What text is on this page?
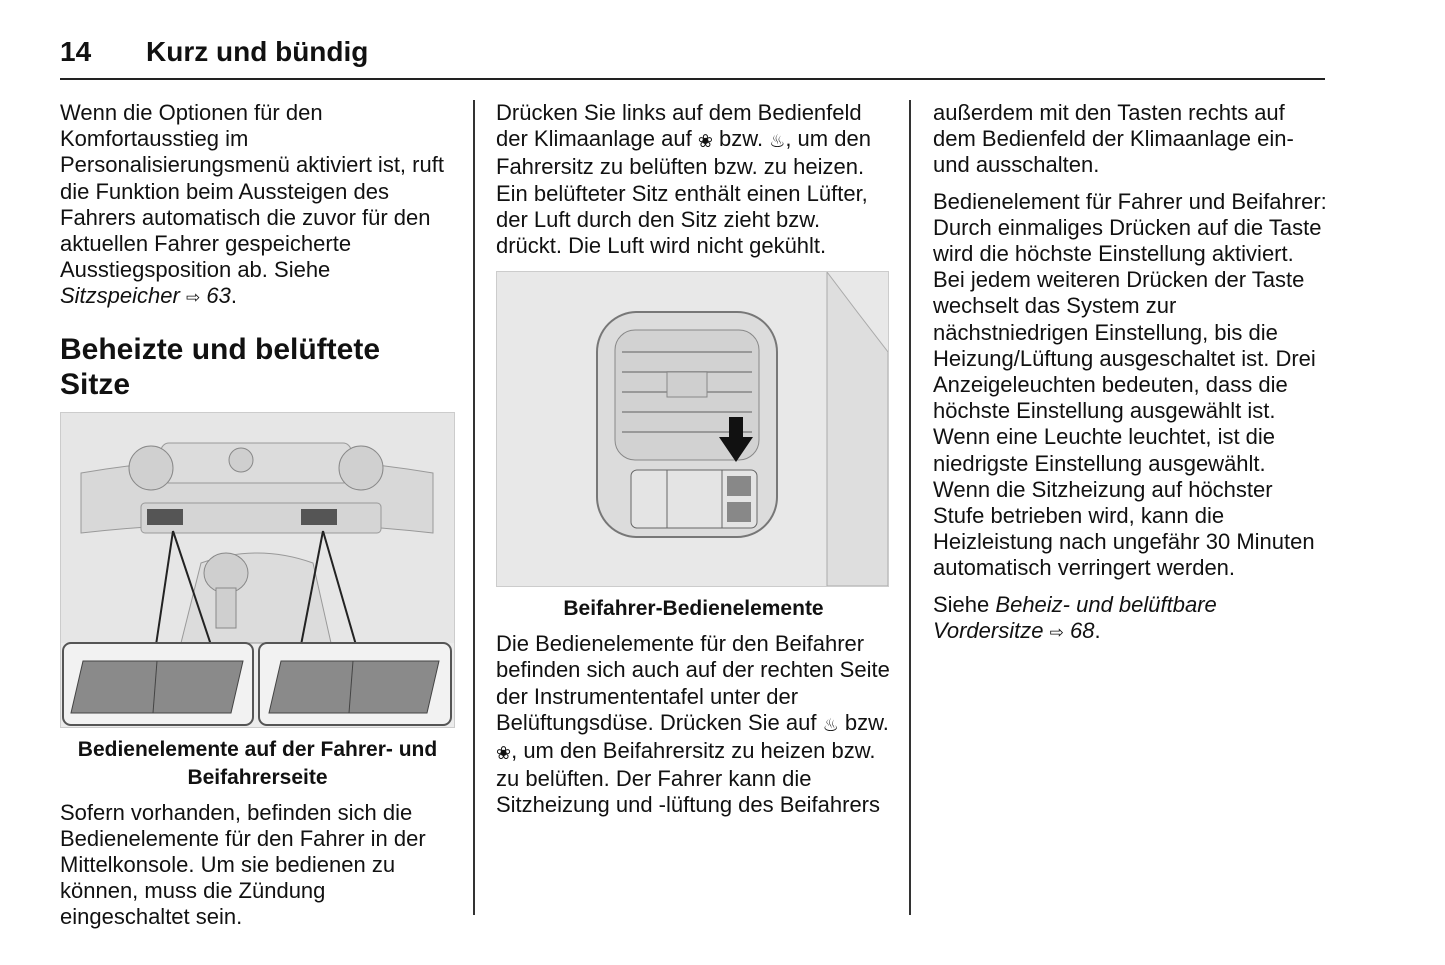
14 Kurz und bündig

Wenn die Optionen für den Komfortausstieg im Personalisierungsmenü aktiviert ist, ruft die Funktion beim Aussteigen des Fahrers automatisch die zuvor für den aktuellen Fahrer gespeicherte Ausstiegsposition ab. Siehe Sitzspeicher ⇨ 63.

Beheizte und belüftete Sitze
Bedienelemente auf der Fahrer- und Beifahrerseite

Sofern vorhanden, befinden sich die Bedienelemente für den Fahrer in der Mittelkonsole. Um sie bedienen zu können, muss die Zündung eingeschaltet sein.

Drücken Sie links auf dem Bedienfeld der Klimaanlage auf ❀ bzw. ♨, um den Fahrersitz zu belüften bzw. zu heizen. Ein belüfteter Sitz enthält einen Lüfter, der Luft durch den Sitz zieht bzw. drückt. Die Luft wird nicht gekühlt.

Beifahrer-Bedienelemente

Die Bedienelemente für den Beifahrer befinden sich auch auf der rechten Seite der Instrumententafel unter der Belüftungsdüse. Drücken Sie auf ♨ bzw. ❀, um den Beifahrersitz zu heizen bzw. zu belüften. Der Fahrer kann die Sitzheizung und -lüftung des Beifahrers

außerdem mit den Tasten rechts auf dem Bedienfeld der Klimaanlage ein- und ausschalten.

Bedienelement für Fahrer und Beifahrer: Durch einmaliges Drücken auf die Taste wird die höchste Einstellung aktiviert. Bei jedem weiteren Drücken der Taste wechselt das System zur nächstniedrigen Einstellung, bis die Heizung/Lüftung ausgeschaltet ist. Drei Anzeigeleuchten bedeuten, dass die höchste Einstellung ausgewählt ist. Wenn eine Leuchte leuchtet, ist die niedrigste Einstellung ausgewählt. Wenn die Sitzheizung auf höchster Stufe betrieben wird, kann die Heizleistung nach ungefähr 30 Minuten automatisch verringert werden.

Siehe Beheiz- und belüftbare Vordersitze ⇨ 68.
